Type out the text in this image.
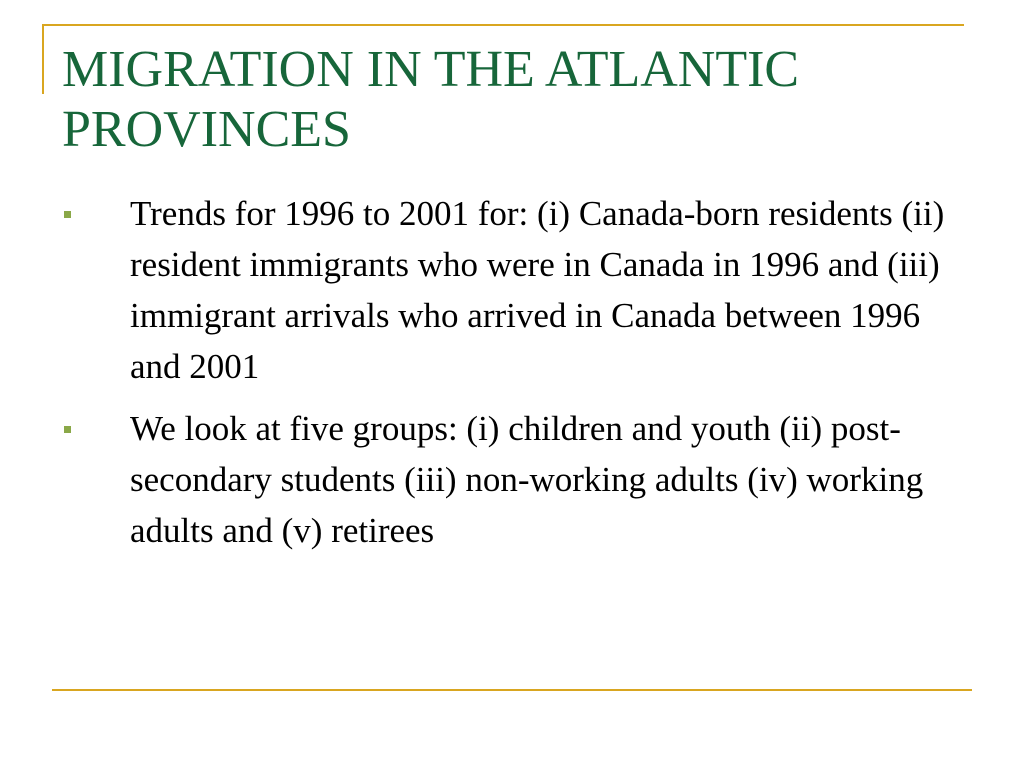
MIGRATION IN THE ATLANTIC PROVINCES
Trends for 1996 to 2001 for: (i) Canada-born residents (ii) resident immigrants who were in Canada in 1996 and (iii) immigrant arrivals who arrived in Canada between 1996 and 2001
We look at five groups: (i) children and youth (ii) post-secondary students (iii) non-working adults (iv) working adults and (v) retirees
